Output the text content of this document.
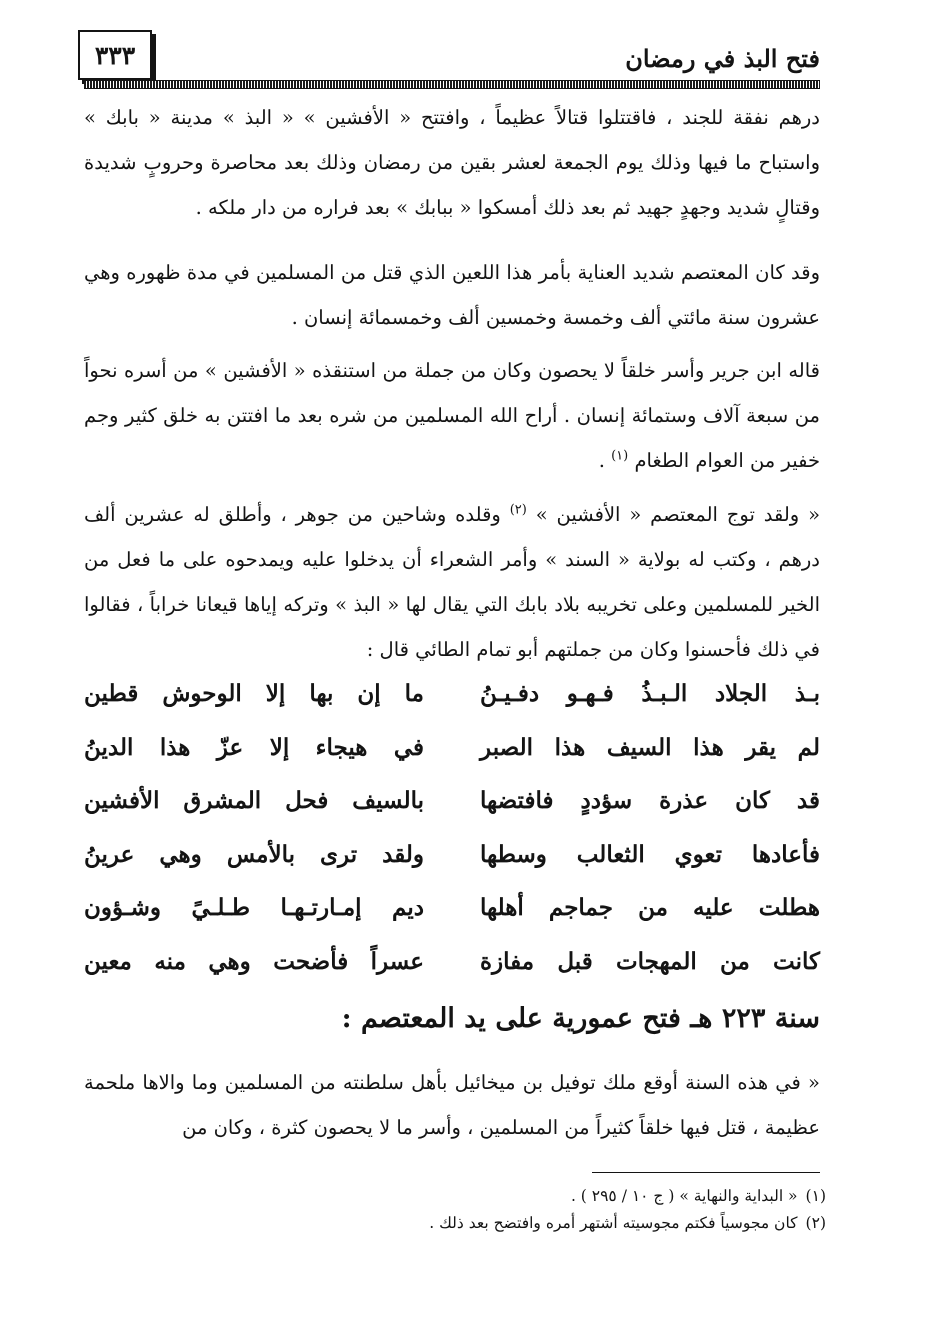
فتح البذ في رمضان
٣٣٣

درهم نفقة للجند ، فاقتتلوا قتالاً عظيماً ، وافتتح « الأفشين » « البذ » مدينة « بابك » واستباح ما فيها وذلك يوم الجمعة لعشر بقين من رمضان وذلك بعد محاصرة وحروبٍ شديدة وقتالٍ شديد وجهدٍ جهيد ثم بعد ذلك أمسكوا « ببابك » بعد فراره من دار ملكه .

وقد كان المعتصم شديد العناية بأمر هذا اللعين الذي قتل من المسلمين في مدة ظهوره وهي عشرون سنة مائتي ألف وخمسة وخمسين ألف وخمسمائة إنسان .

قاله ابن جرير وأسر خلقاً لا يحصون وكان من جملة من استنقذه « الأفشين » من أسره نحواً من سبعة آلاف وستمائة إنسان . أراح الله المسلمين من شره بعد ما افتتن به خلق كثير وجم خفير من العوام الطغام $^{(١)}$ .

« ولقد توج المعتصم « الأفشين » $^{(٢)}$ وقلده وشاحين من جوهر ، وأطلق له عشرين ألف درهم ، وكتب له بولاية « السند » وأمر الشعراء أن يدخلوا عليه ويمدحوه على ما فعل من الخير للمسلمين وعلى تخريبه بلاد بابك التي يقال لها « البذ » وتركه إياها قيعانا خراباً ، فقالوا في ذلك فأحسنوا وكان من جملتهم أبو تمام الطائي قال :

بـذ الجلاد الـبـذُ فـهـو دفـيـنُ
ما إن بها إلا الوحوش قطين
لم يقر هذا السيف هذا الصبر
في هيجاء إلا عزّ هذا الدينُ
قد كان عذرة سؤددٍ فافتضها
بالسيف فحل المشرق الأفشين
فأعادها تعوي الثعالب وسطها
ولقد ترى بالأمس وهي عرينُ
هطلت عليه من جماجم أهلها
ديم إمـارتـهـا طـلـيً وشـؤون
كانت من المهجات قبل مفازة
عسراً فأضحت وهي منه معين
سنة ٢٢٣ هـ فتح عمورية على يد المعتصم :

« في هذه السنة أوقع ملك توفيل بن ميخائيل بأهل سلطنته من المسلمين وما والاها ملحمة عظيمة ، قتل فيها خلقاً كثيراً من المسلمين ، وأسر ما لا يحصون كثرة ، وكان من

(١)
« البداية والنهاية » ( ج ١٠ / ٢٩٥ ) .
(٢)
كان مجوسياً فكتم مجوسيته أشتهر أمره وافتضح بعد ذلك .
